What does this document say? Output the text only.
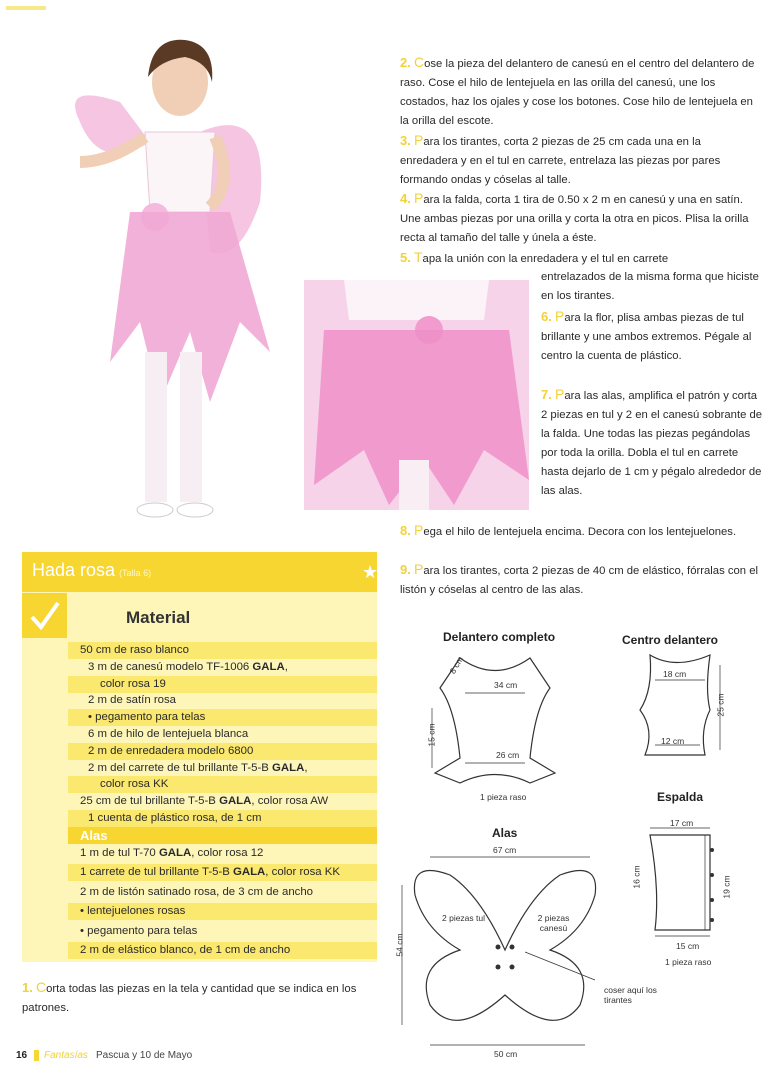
2. Cose la pieza del delantero de canesú en el centro del delantero de raso. Cose el hilo de lentejuela en las orilla del canesú, une los costados, haz los ojales y cose los botones. Cose hilo de lentejuela en la orilla del escote.
3. Para los tirantes, corta 2 piezas de 25 cm cada una en la enredadera y en el tul en carrete, entrelaza las piezas por pares formando ondas y cóselas al talle.
4. Para la falda, corta 1 tira de 0.50 x 2 m en canesú y una en satín. Une ambas piezas por una orilla y corta la otra en picos. Plisa la orilla recta al tamaño del talle y únela a éste.
5. Tapa la unión con la enredadera y el tul en carrete
entrelazados de la misma forma que hiciste en los tirantes.
6. Para la flor, plisa ambas piezas de tul brillante y une ambos extremos. Pégale al centro la cuenta de plástico.
7. Para las alas, amplifica el patrón y corta 2 piezas en tul y 2 en el canesú sobrante de la falda. Une todas las piezas pegándolas por toda la orilla. Dobla el tul en carrete hasta dejarlo de 1 cm y pégalo alrededor de las alas.
8. Pega el hilo de lentejuela encima. Decora con los lentejuelones.
9. Para los tirantes, corta 2 piezas de 40 cm de elástico, fórralas con el listón y cóselas al centro de las alas.
Hada rosa (Talla 6)	★
Material
50 cm de raso blanco
3 m de canesú modelo TF-1006 GALA,
color rosa 19
2 m de satín rosa
• pegamento para telas
6 m de hilo de lentejuela blanca
2 m de enredadera modelo 6800
2 m del carrete de tul brillante T-5-B GALA,
color rosa KK
25 cm de tul brillante T-5-B GALA, color rosa AW
1 cuenta de plástico rosa, de 1 cm
Alas
1 m de tul T-70 GALA, color rosa 12
1 carrete de tul brillante T-5-B GALA, color rosa KK
2 m de listón satinado rosa, de 3 cm de ancho
• lentejuelones rosas
• pegamento para telas
2 m de elástico blanco, de 1 cm de ancho
1. Corta todas las piezas en la tela y cantidad que se indica en los patrones.
Delantero completo
8 cm
34 cm
15 cm
26 cm
1 pieza raso
Centro delantero
18 cm
25 cm
12 cm
Espalda
17 cm
16 cm	19 cm
15 cm
1 pieza raso
Alas
67 cm
54 cm
50 cm
2 piezas tul	2 piezas canesú
coser aquí los tirantes
16 Fantasías Pascua y 10 de Mayo
